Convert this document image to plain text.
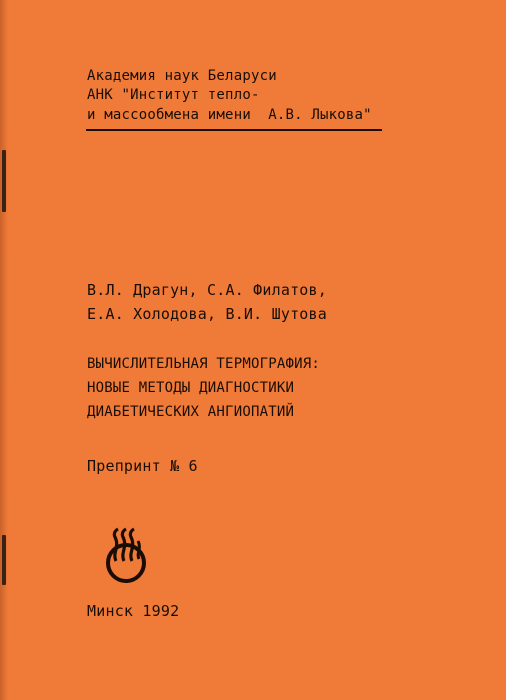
Академия наук Беларуси
АНК "Институт тепло-
и массообмена имени  А.В. Лыкова"
В.Л. Драгун, С.А. Филатов,
Е.А. Холодова, В.И. Шутова
ВЫЧИСЛИТЕЛЬНАЯ ТЕРМОГРАФИЯ:
НОВЫЕ МЕТОДЫ ДИАГНОСТИКИ
ДИАБЕТИЧЕСКИХ АНГИОПАТИЙ
Препринт № 6
Минск 1992
